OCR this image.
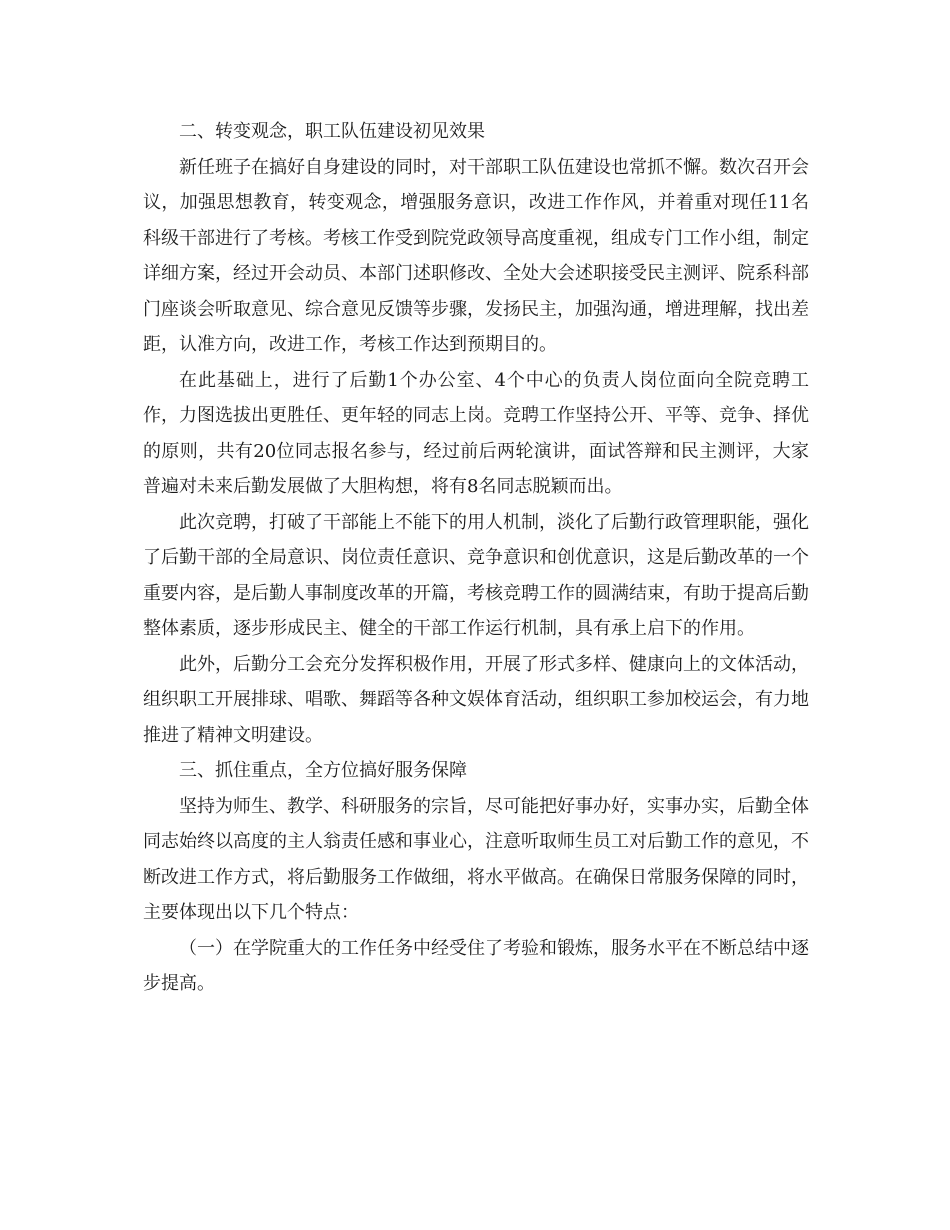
二、转变观念，职工队伍建设初见效果

新任班子在搞好自身建设的同时，对干部职工队伍建设也常抓不懈。数次召开会议，加强思想教育，转变观念，增强服务意识，改进工作作风，并着重对现任11名科级干部进行了考核。考核工作受到院党政领导高度重视，组成专门工作小组，制定详细方案，经过开会动员、本部门述职修改、全处大会述职接受民主测评、院系科部门座谈会听取意见、综合意见反馈等步骤，发扬民主，加强沟通，增进理解，找出差距，认准方向，改进工作，考核工作达到预期目的。

在此基础上，进行了后勤1个办公室、4个中心的负责人岗位面向全院竞聘工作，力图选拔出更胜任、更年轻的同志上岗。竞聘工作坚持公开、平等、竞争、择优的原则，共有20位同志报名参与，经过前后两轮演讲，面试答辩和民主测评，大家普遍对未来后勤发展做了大胆构想，将有8名同志脱颖而出。

此次竞聘，打破了干部能上不能下的用人机制，淡化了后勤行政管理职能，强化了后勤干部的全局意识、岗位责任意识、竞争意识和创优意识，这是后勤改革的一个重要内容，是后勤人事制度改革的开篇，考核竞聘工作的圆满结束，有助于提高后勤整体素质，逐步形成民主、健全的干部工作运行机制，具有承上启下的作用。

此外，后勤分工会充分发挥积极作用，开展了形式多样、健康向上的文体活动，组织职工开展排球、唱歌、舞蹈等各种文娱体育活动，组织职工参加校运会，有力地推进了精神文明建设。

三、抓住重点，全方位搞好服务保障

坚持为师生、教学、科研服务的宗旨，尽可能把好事办好，实事办实，后勤全体同志始终以高度的主人翁责任感和事业心，注意听取师生员工对后勤工作的意见，不断改进工作方式，将后勤服务工作做细，将水平做高。在确保日常服务保障的同时，主要体现出以下几个特点：

（一）在学院重大的工作任务中经受住了考验和锻炼，服务水平在不断总结中逐步提高。
